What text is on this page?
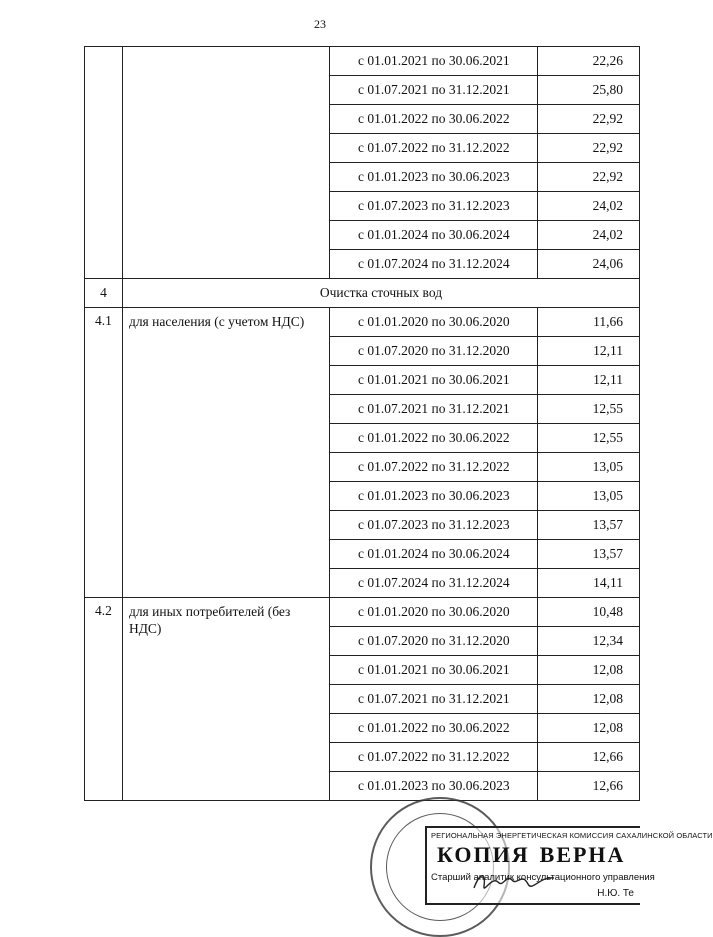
23
		с 01.01.2021 по 30.06.2021	22,26
		с 01.07.2021 по 31.12.2021	25,80
		с 01.01.2022 по 30.06.2022	22,92
		с 01.07.2022 по 31.12.2022	22,92
		с 01.01.2023 по 30.06.2023	22,92
		с 01.07.2023 по 31.12.2023	24,02
		с 01.01.2024 по 30.06.2024	24,02
		с 01.07.2024 по 31.12.2024	24,06
4	Очистка сточных вод		
4.1	для населения (с учетом НДС)	с 01.01.2020 по 30.06.2020	11,66
		с 01.07.2020 по 31.12.2020	12,11
		с 01.01.2021 по 30.06.2021	12,11
		с 01.07.2021 по 31.12.2021	12,55
		с 01.01.2022 по 30.06.2022	12,55
		с 01.07.2022 по 31.12.2022	13,05
		с 01.01.2023 по 30.06.2023	13,05
		с 01.07.2023 по 31.12.2023	13,57
		с 01.01.2024 по 30.06.2024	13,57
		с 01.07.2024 по 31.12.2024	14,11
4.2	для иных потребителей (без НДС)	с 01.01.2020 по 30.06.2020	10,48
		с 01.07.2020 по 31.12.2020	12,34
		с 01.01.2021 по 30.06.2021	12,08
		с 01.07.2021 по 31.12.2021	12,08
		с 01.01.2022 по 30.06.2022	12,08
		с 01.07.2022 по 31.12.2022	12,66
		с 01.01.2023 по 30.06.2023	12,66
РЕГИОНАЛЬНАЯ ЭНЕРГЕТИЧЕСКАЯ КОМИССИЯ САХАЛИНСКОЙ ОБЛАСТИ
КОПИЯ ВЕРНА
Старший аналитик консультационного управления
Н.Ю. Те
